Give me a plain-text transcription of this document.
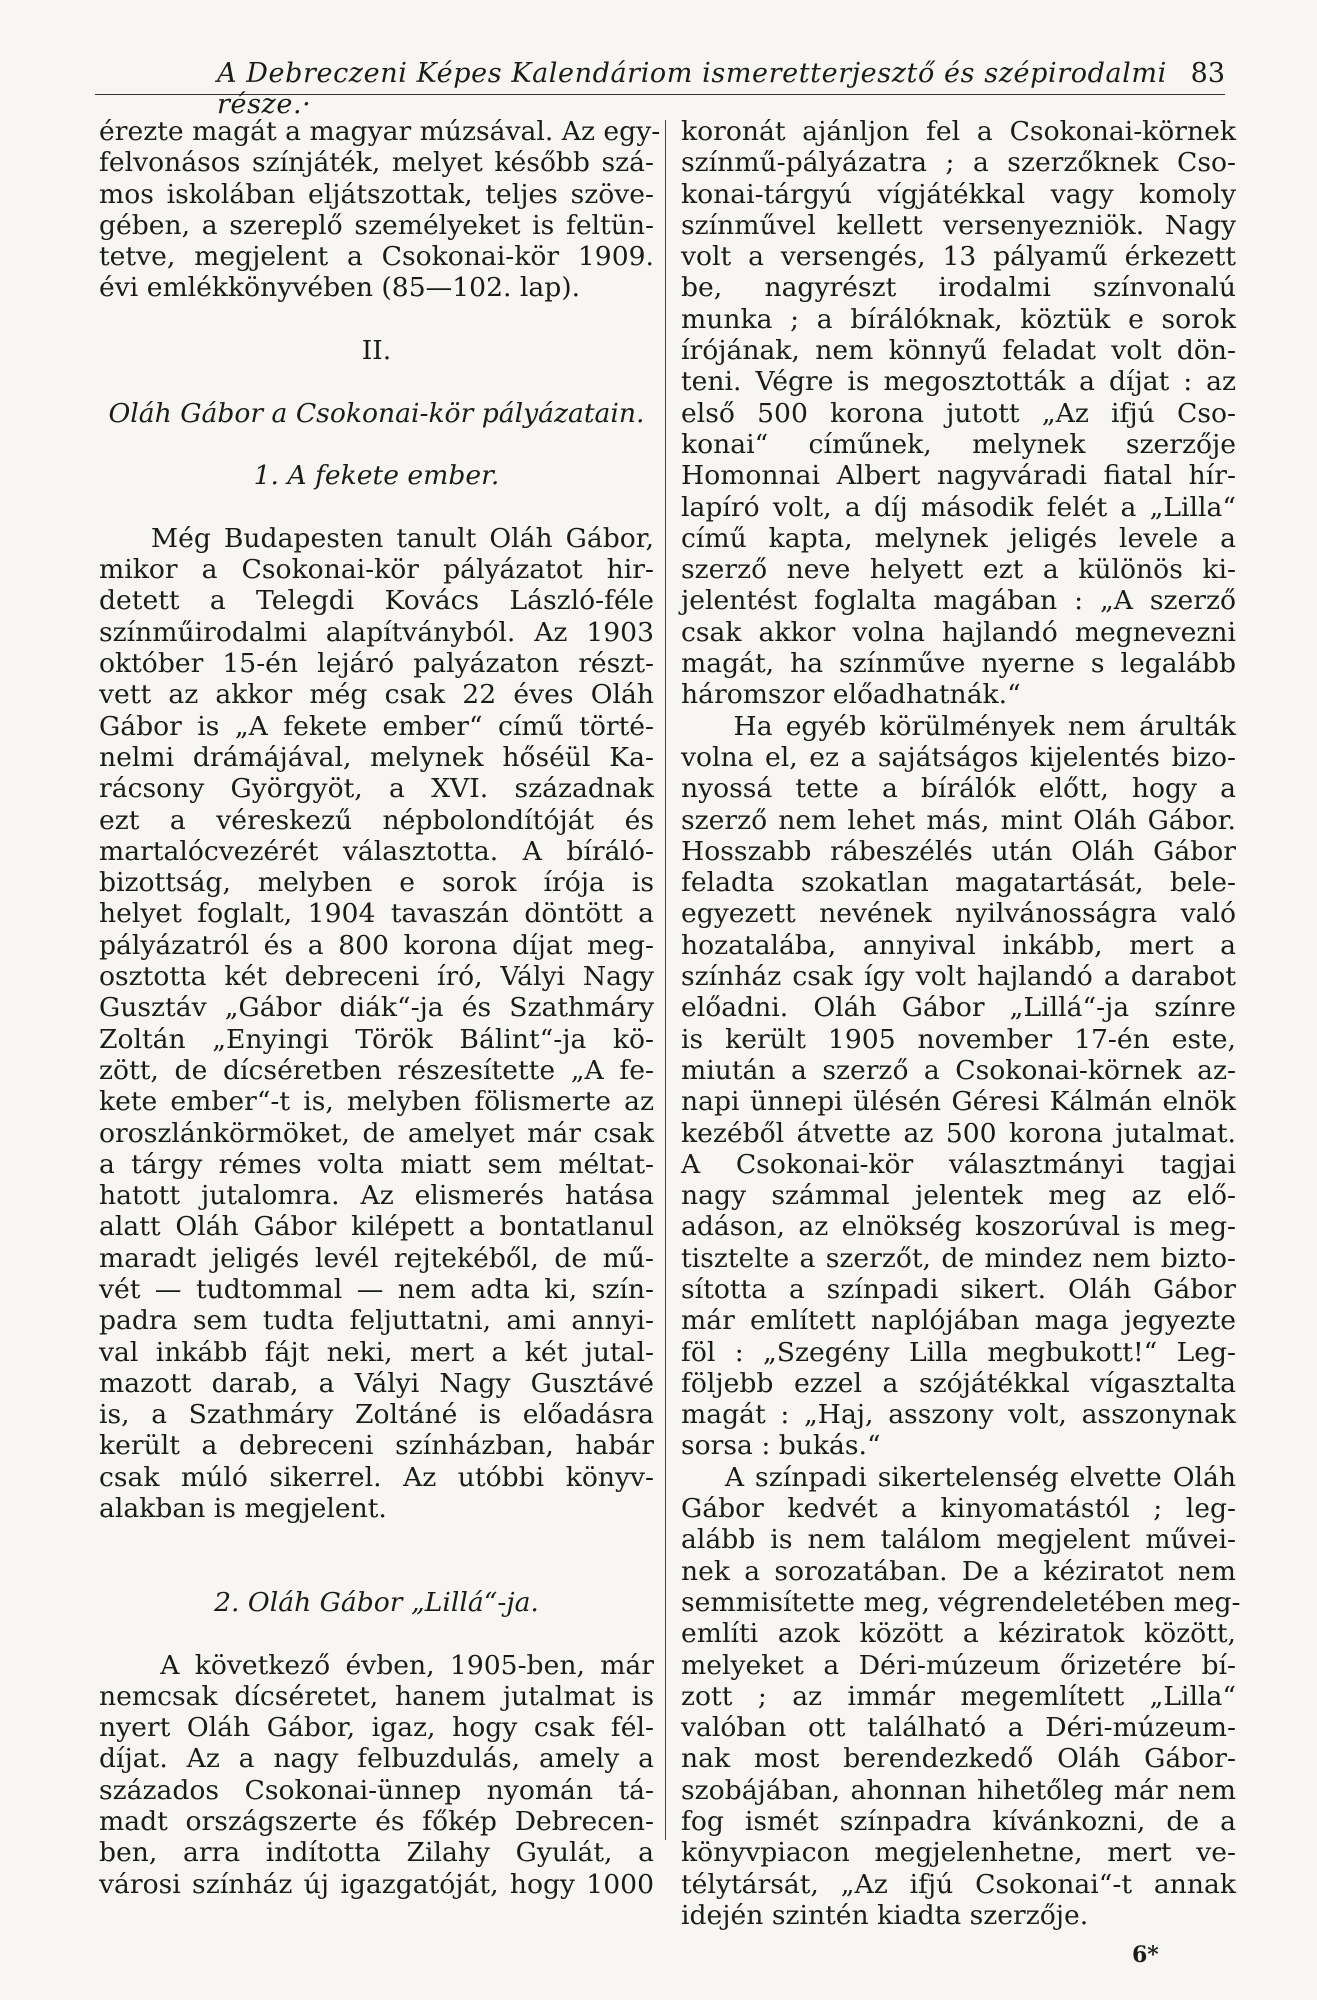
A Debreczeni Képes Kalendáriom ismeretterjesztő és szépirodalmi része.·
83
érezte magát a magyar múzsával. Az egy-
felvonásos színjáték, melyet később szá-
mos iskolában eljátszottak, teljes szöve-
gében, a szereplő személyeket is feltün-
tetve, megjelent a Csokonai-kör 1909.
évi emlékkönyvében (85—102. lap).
II.
Oláh Gábor a Csokonai-kör pályázatain.
1. A fekete ember.
Még Budapesten tanult Oláh Gábor,
mikor a Csokonai-kör pályázatot hir-
detett a Telegdi Kovács László-féle
színműirodalmi alapítványból. Az 1903
október 15-én lejáró palyázaton részt-
vett az akkor még csak 22 éves Oláh
Gábor is „A fekete ember“ című törté-
nelmi drámájával, melynek hőséül Ka-
rácsony Györgyöt, a XVI. századnak
ezt a véreskezű népbolondítóját és
martalócvezérét választotta. A bíráló-
bizottság, melyben e sorok írója is
helyet foglalt, 1904 tavaszán döntött a
pályázatról és a 800 korona díjat meg-
osztotta két debreceni író, Vályi Nagy
Gusztáv „Gábor diák“-ja és Szathmáry
Zoltán „Enyingi Török Bálint“-ja kö-
zött, de dícséretben részesítette „A fe-
kete ember“-t is, melyben fölismerte az
oroszlánkörmöket, de amelyet már csak
a tárgy rémes volta miatt sem méltat-
hatott jutalomra. Az elismerés hatása
alatt Oláh Gábor kilépett a bontatlanul
maradt jeligés levél rejtekéből, de mű-
vét — tudtommal — nem adta ki, szín-
padra sem tudta feljuttatni, ami annyi-
val inkább fájt neki, mert a két jutal-
mazott darab, a Vályi Nagy Gusztávé
is, a Szathmáry Zoltáné is előadásra
került a debreceni színházban, habár
csak múló sikerrel. Az utóbbi könyv-
alakban is megjelent.
2. Oláh Gábor „Lillá“-ja.
A következő évben, 1905-ben, már
nemcsak dícséretet, hanem jutalmat is
nyert Oláh Gábor, igaz, hogy csak fél-
díjat. Az a nagy felbuzdulás, amely a
százados Csokonai-ünnep nyomán tá-
madt országszerte és főkép Debrecen-
ben, arra indította Zilahy Gyulát, a
városi színház új igazgatóját, hogy 1000
koronát ajánljon fel a Csokonai-körnek
színmű-pályázatra ; a szerzőknek Cso-
konai-tárgyú vígjátékkal vagy komoly
színművel kellett versenyezniök. Nagy
volt a versengés, 13 pályamű érkezett
be, nagyrészt irodalmi színvonalú
munka ; a bírálóknak, köztük e sorok
írójának, nem könnyű feladat volt dön-
teni. Végre is megosztották a díjat : az
első 500 korona jutott „Az ifjú Cso-
konai“ címűnek, melynek szerzője
Homonnai Albert nagyváradi fiatal hír-
lapíró volt, a díj második felét a „Lilla“
című kapta, melynek jeligés levele a
szerző neve helyett ezt a különös ki-
jelentést foglalta magában : „A szerző
csak akkor volna hajlandó megnevezni
magát, ha színműve nyerne s legalább
háromszor előadhatnák.“
Ha egyéb körülmények nem árulták
volna el, ez a sajátságos kijelentés bizo-
nyossá tette a bírálók előtt, hogy a
szerző nem lehet más, mint Oláh Gábor.
Hosszabb rábeszélés után Oláh Gábor
feladta szokatlan magatartását, bele-
egyezett nevének nyilvánosságra való
hozatalába, annyival inkább, mert a
színház csak így volt hajlandó a darabot
előadni. Oláh Gábor „Lillá“-ja színre
is került 1905 november 17-én este,
miután a szerző a Csokonai-körnek az-
napi ünnepi ülésén Géresi Kálmán elnök
kezéből átvette az 500 korona jutalmat.
A Csokonai-kör választmányi tagjai
nagy számmal jelentek meg az elő-
adáson, az elnökség koszorúval is meg-
tisztelte a szerzőt, de mindez nem bizto-
sította a színpadi sikert. Oláh Gábor
már említett naplójában maga jegyezte
föl : „Szegény Lilla megbukott!“ Leg-
följebb ezzel a szójátékkal vígasztalta
magát : „Haj, asszony volt, asszonynak
sorsa : bukás.“
A színpadi sikertelenség elvette Oláh
Gábor kedvét a kinyomatástól ; leg-
alább is nem találom megjelent művei-
nek a sorozatában. De a kéziratot nem
semmisítette meg, végrendeletében meg-
említi azok között a kéziratok között,
melyeket a Déri-múzeum őrizetére bí-
zott ; az immár megemlített „Lilla“
valóban ott található a Déri-múzeum-
nak most berendezkedő Oláh Gábor-
szobájában, ahonnan hihetőleg már nem
fog ismét színpadra kívánkozni, de a
könyvpiacon megjelenhetne, mert ve-
télytársát, „Az ifjú Csokonai“-t annak
idején szintén kiadta szerzője.
6*
